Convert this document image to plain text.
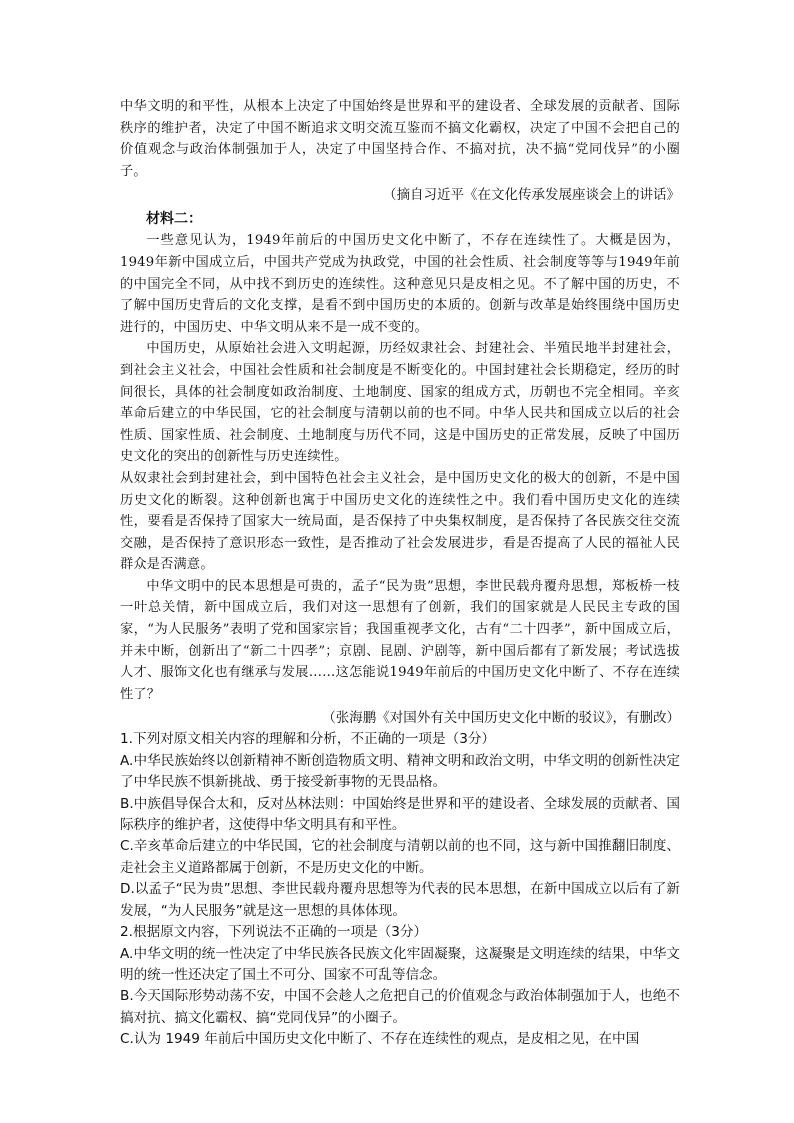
中华文明的和平性，从根本上决定了中国始终是世界和平的建设者、全球发展的贡献者、国际秩序的维护者，决定了中国不断追求文明交流互鉴而不搞文化霸权，决定了中国不会把自己的价值观念与政治体制强加于人，决定了中国坚持合作、不搞对抗，决不搞“党同伐异”的小圈子。

（摘自习近平《在文化传承发展座谈会上的讲话》

材料二：

一些意见认为，1949年前后的中国历史文化中断了，不存在连续性了。大概是因为，1949年新中国成立后，中国共产党成为执政党，中国的社会性质、社会制度等等与1949年前的中国完全不同，从中找不到历史的连续性。这种意见只是皮相之见。不了解中国的历史，不了解中国历史背后的文化支撑，是看不到中国历史的本质的。创新与改革是始终围绕中国历史进行的，中国历史、中华文明从来不是一成不变的。

中国历史，从原始社会进入文明起源，历经奴隶社会、封建社会、半殖民地半封建社会，到社会主义社会，中国社会性质和社会制度是不断变化的。中国封建社会长期稳定，经历的时间很长，具体的社会制度如政治制度、土地制度、国家的组成方式，历朝也不完全相同。辛亥革命后建立的中华民国，它的社会制度与清朝以前的也不同。中华人民共和国成立以后的社会性质、国家性质、社会制度、土地制度与历代不同，这是中国历史的正常发展，反映了中国历史文化的突出的创新性与历史连续性。

从奴隶社会到封建社会，到中国特色社会主义社会，是中国历史文化的极大的创新，不是中国历史文化的断裂。这种创新也寓于中国历史文化的连续性之中。我们看中国历史文化的连续性，要看是否保持了国家大一统局面，是否保持了中央集权制度，是否保持了各民族交往交流交融，是否保持了意识形态一致性，是否推动了社会发展进步，看是否提高了人民的福祉人民群众是否满意。

中华文明中的民本思想是可贵的，孟子“民为贵”思想，李世民载舟覆舟思想，郑板桥一枝一叶总关情，新中国成立后，我们对这一思想有了创新，我们的国家就是人民民主专政的国家，“为人民服务”表明了党和国家宗旨；我国重视孝文化，古有“二十四孝”，新中国成立后，并未中断，创新出了“新二十四孝”；京剧、昆剧、沪剧等，新中国后都有了新发展；考试选拔人才、服饰文化也有继承与发展……这怎能说1949年前后的中国历史文化中断了、不存在连续性了？

（张海鹏《对国外有关中国历史文化中断的驳议》，有删改）

1.下列对原文相关内容的理解和分析，不正确的一项是（3分）

A.中华民族始终以创新精神不断创造物质文明、精神文明和政治文明，中华文明的创新性决定了中华民族不惧新挑战、勇于接受新事物的无畏品格。

B.中族倡导保合太和，反对丛林法则：中国始终是世界和平的建设者、全球发展的贡献者、国际秩序的维护者，这使得中华文明具有和平性。

C.辛亥革命后建立的中华民国，它的社会制度与清朝以前的也不同，这与新中国推翻旧制度、走社会主义道路都属于创新，不是历史文化的中断。

D.以孟子“民为贵”思想、李世民载舟覆舟思想等为代表的民本思想，在新中国成立以后有了新发展，“为人民服务”就是这一思想的具体体现。

2.根据原文内容，下列说法不正确的一项是（3分）

A.中华文明的统一性决定了中华民族各民族文化牢固凝聚，这凝聚是文明连续的结果，中华文明的统一性还决定了国土不可分、国家不可乱等信念。

B.今天国际形势动荡不安，中国不会趁人之危把自己的价值观念与政治体制强加于人，也绝不搞对抗、搞文化霸权、搞“党同伐异”的小圈子。

C.认为 1949 年前后中国历史文化中断了、不存在连续性的观点，是皮相之见，在中国
